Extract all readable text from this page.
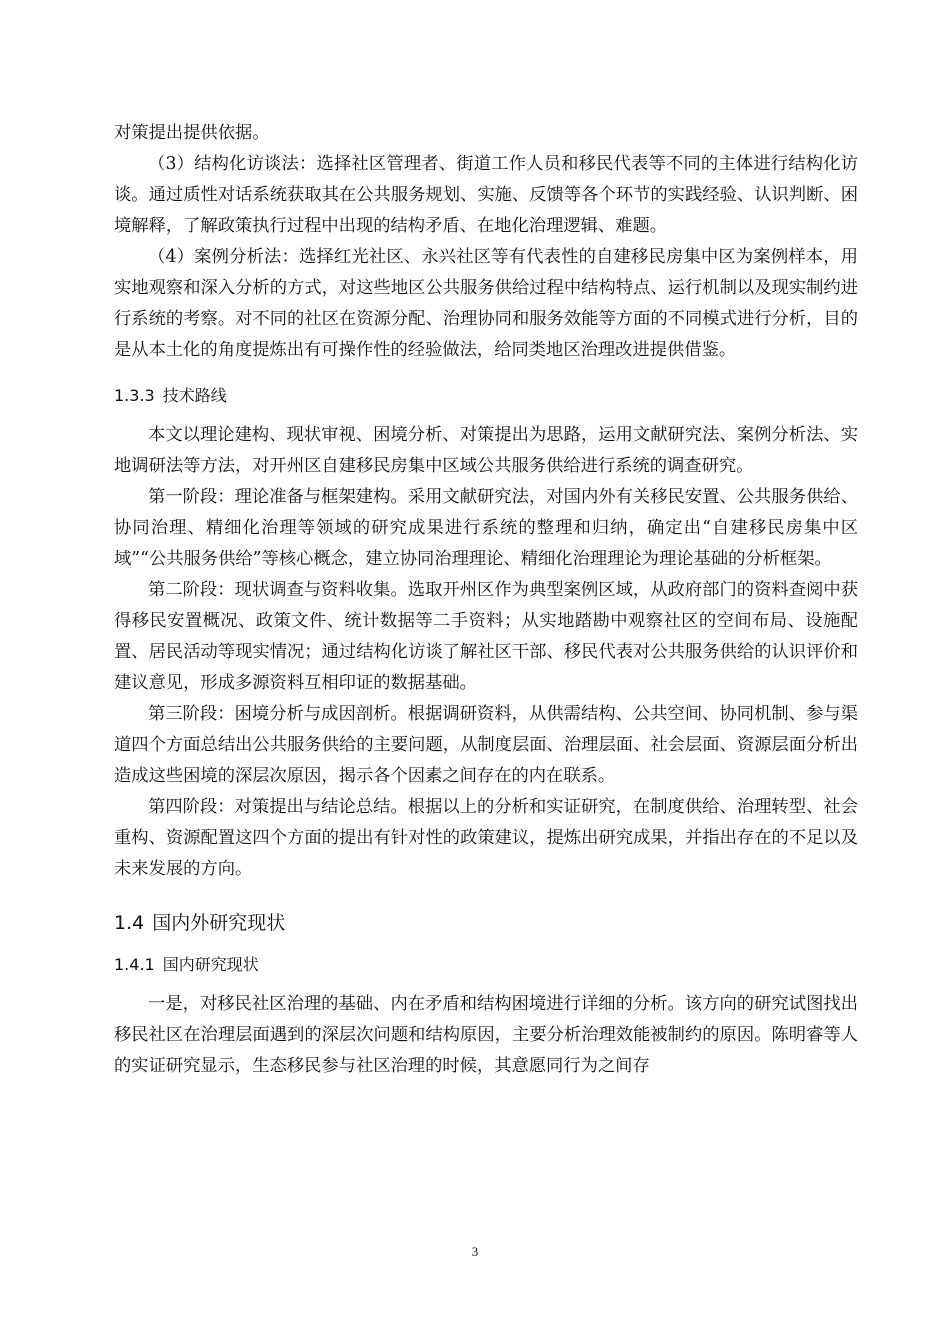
对策提出提供依据。

（3）结构化访谈法：选择社区管理者、街道工作人员和移民代表等不同的主体进行结构化访谈。通过质性对话系统获取其在公共服务规划、实施、反馈等各个环节的实践经验、认识判断、困境解释，了解政策执行过程中出现的结构矛盾、在地化治理逻辑、难题。

（4）案例分析法：选择红光社区、永兴社区等有代表性的自建移民房集中区为案例样本，用实地观察和深入分析的方式，对这些地区公共服务供给过程中结构特点、运行机制以及现实制约进行系统的考察。对不同的社区在资源分配、治理协同和服务效能等方面的不同模式进行分析，目的是从本土化的角度提炼出有可操作性的经验做法，给同类地区治理改进提供借鉴。

1.3.3 技术路线

本文以理论建构、现状审视、困境分析、对策提出为思路，运用文献研究法、案例分析法、实地调研法等方法，对开州区自建移民房集中区域公共服务供给进行系统的调查研究。

第一阶段：理论准备与框架建构。采用文献研究法，对国内外有关移民安置、公共服务供给、协同治理、精细化治理等领域的研究成果进行系统的整理和归纳，确定出“自建移民房集中区域”“公共服务供给”等核心概念，建立协同治理理论、精细化治理理论为理论基础的分析框架。

第二阶段：现状调查与资料收集。选取开州区作为典型案例区域，从政府部门的资料查阅中获得移民安置概况、政策文件、统计数据等二手资料；从实地踏勘中观察社区的空间布局、设施配置、居民活动等现实情况；通过结构化访谈了解社区干部、移民代表对公共服务供给的认识评价和建议意见，形成多源资料互相印证的数据基础。

第三阶段：困境分析与成因剖析。根据调研资料，从供需结构、公共空间、协同机制、参与渠道四个方面总结出公共服务供给的主要问题，从制度层面、治理层面、社会层面、资源层面分析出造成这些困境的深层次原因，揭示各个因素之间存在的内在联系。

第四阶段：对策提出与结论总结。根据以上的分析和实证研究，在制度供给、治理转型、社会重构、资源配置这四个方面的提出有针对性的政策建议，提炼出研究成果，并指出存在的不足以及未来发展的方向。

1.4 国内外研究现状
1.4.1 国内研究现状

一是，对移民社区治理的基础、内在矛盾和结构困境进行详细的分析。该方向的研究试图找出移民社区在治理层面遇到的深层次问题和结构原因，主要分析治理效能被制约的原因。陈明睿等人的实证研究显示，生态移民参与社区治理的时候，其意愿同行为之间存

3
